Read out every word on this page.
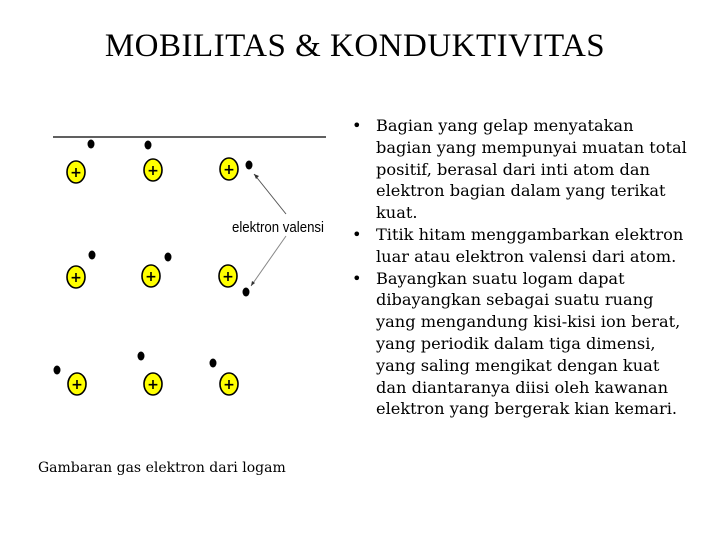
MOBILITAS & KONDUKTIVITAS
+	+	+
+	+	+
+	+	+
elektron valensi
Gambaran gas elektron dari logam
• Bagian yang gelap menyatakan bagian yang mempunyai muatan total positif, berasal dari inti atom dan elektron bagian dalam yang terikat kuat.
• Titik hitam menggambarkan elektron luar atau elektron valensi dari atom.
• Bayangkan suatu logam dapat dibayangkan sebagai suatu ruang yang mengandung kisi-kisi ion berat, yang periodik dalam tiga dimensi, yang saling mengikat dengan kuat dan diantaranya diisi oleh kawanan elektron yang bergerak kian kemari.
